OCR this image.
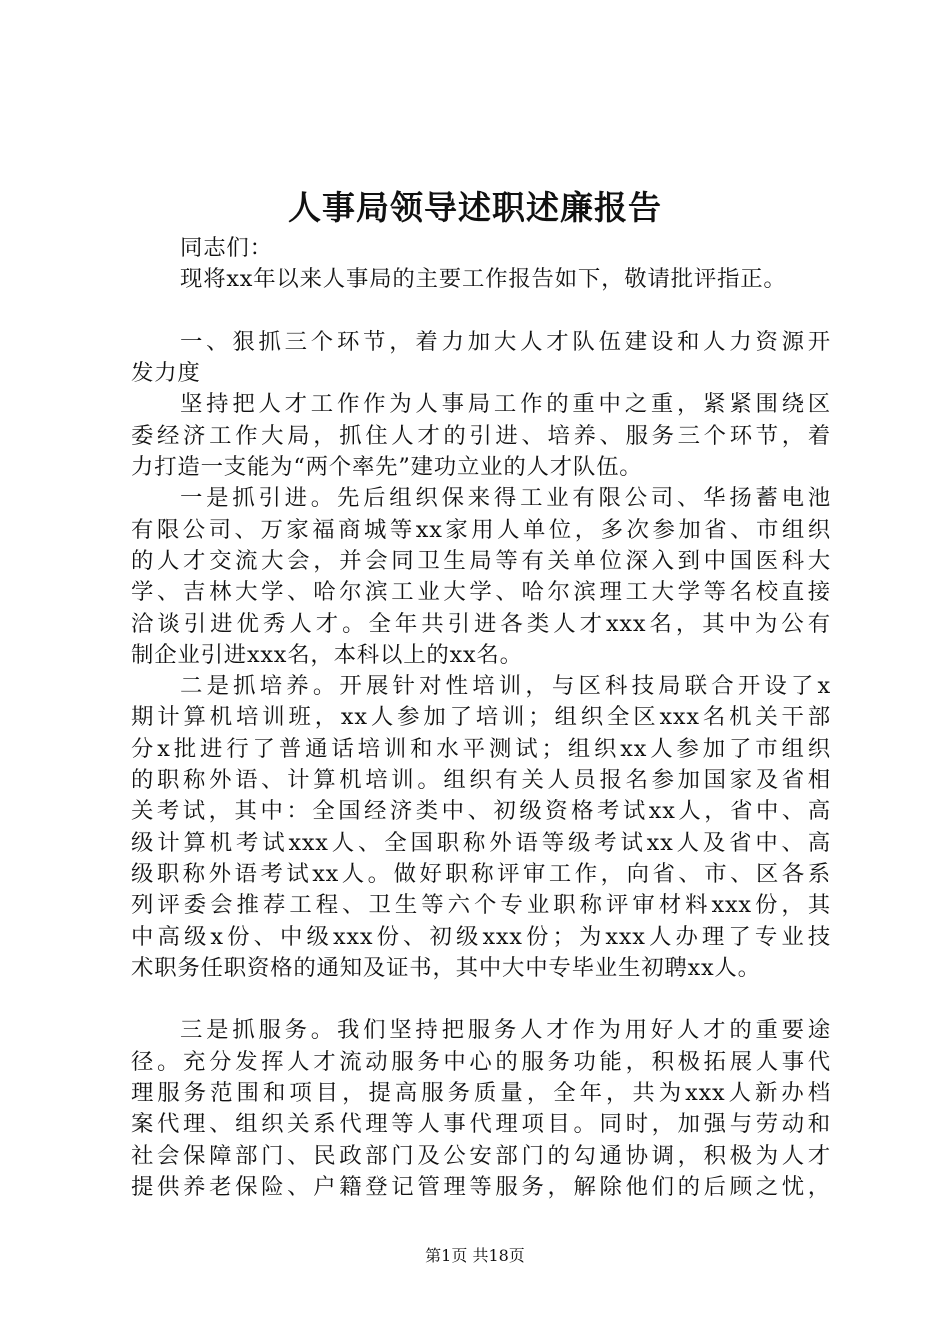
人事局领导述职述廉报告
同志们：
现将xx年以来人事局的主要工作报告如下，敬请批评指正。
一、狠抓三个环节，着力加大人才队伍建设和人力资源开
发力度
坚持把人才工作作为人事局工作的重中之重，紧紧围绕区
委经济工作大局，抓住人才的引进、培养、服务三个环节，着
力打造一支能为“两个率先”建功立业的人才队伍。
一是抓引进。先后组织保来得工业有限公司、华扬蓄电池
有限公司、万家福商城等xx家用人单位，多次参加省、市组织
的人才交流大会，并会同卫生局等有关单位深入到中国医科大
学、吉林大学、哈尔滨工业大学、哈尔滨理工大学等名校直接
洽谈引进优秀人才。全年共引进各类人才xxx名，其中为公有
制企业引进xxx名，本科以上的xx名。
二是抓培养。开展针对性培训，与区科技局联合开设了x
期计算机培训班，xx人参加了培训；组织全区xxx名机关干部
分x批进行了普通话培训和水平测试；组织xx人参加了市组织
的职称外语、计算机培训。组织有关人员报名参加国家及省相
关考试，其中：全国经济类中、初级资格考试xx人，省中、高
级计算机考试xxx人、全国职称外语等级考试xx人及省中、高
级职称外语考试xx人。做好职称评审工作，向省、市、区各系
列评委会推荐工程、卫生等六个专业职称评审材料xxx份，其
中高级x份、中级xxx份、初级xxx份；为xxx人办理了专业技
术职务任职资格的通知及证书，其中大中专毕业生初聘xx人。
三是抓服务。我们坚持把服务人才作为用好人才的重要途
径。充分发挥人才流动服务中心的服务功能，积极拓展人事代
理服务范围和项目，提高服务质量，全年，共为xxx人新办档
案代理、组织关系代理等人事代理项目。同时，加强与劳动和
社会保障部门、民政部门及公安部门的勾通协调，积极为人才
提供养老保险、户籍登记管理等服务，解除他们的后顾之忧，
第1页 共18页
